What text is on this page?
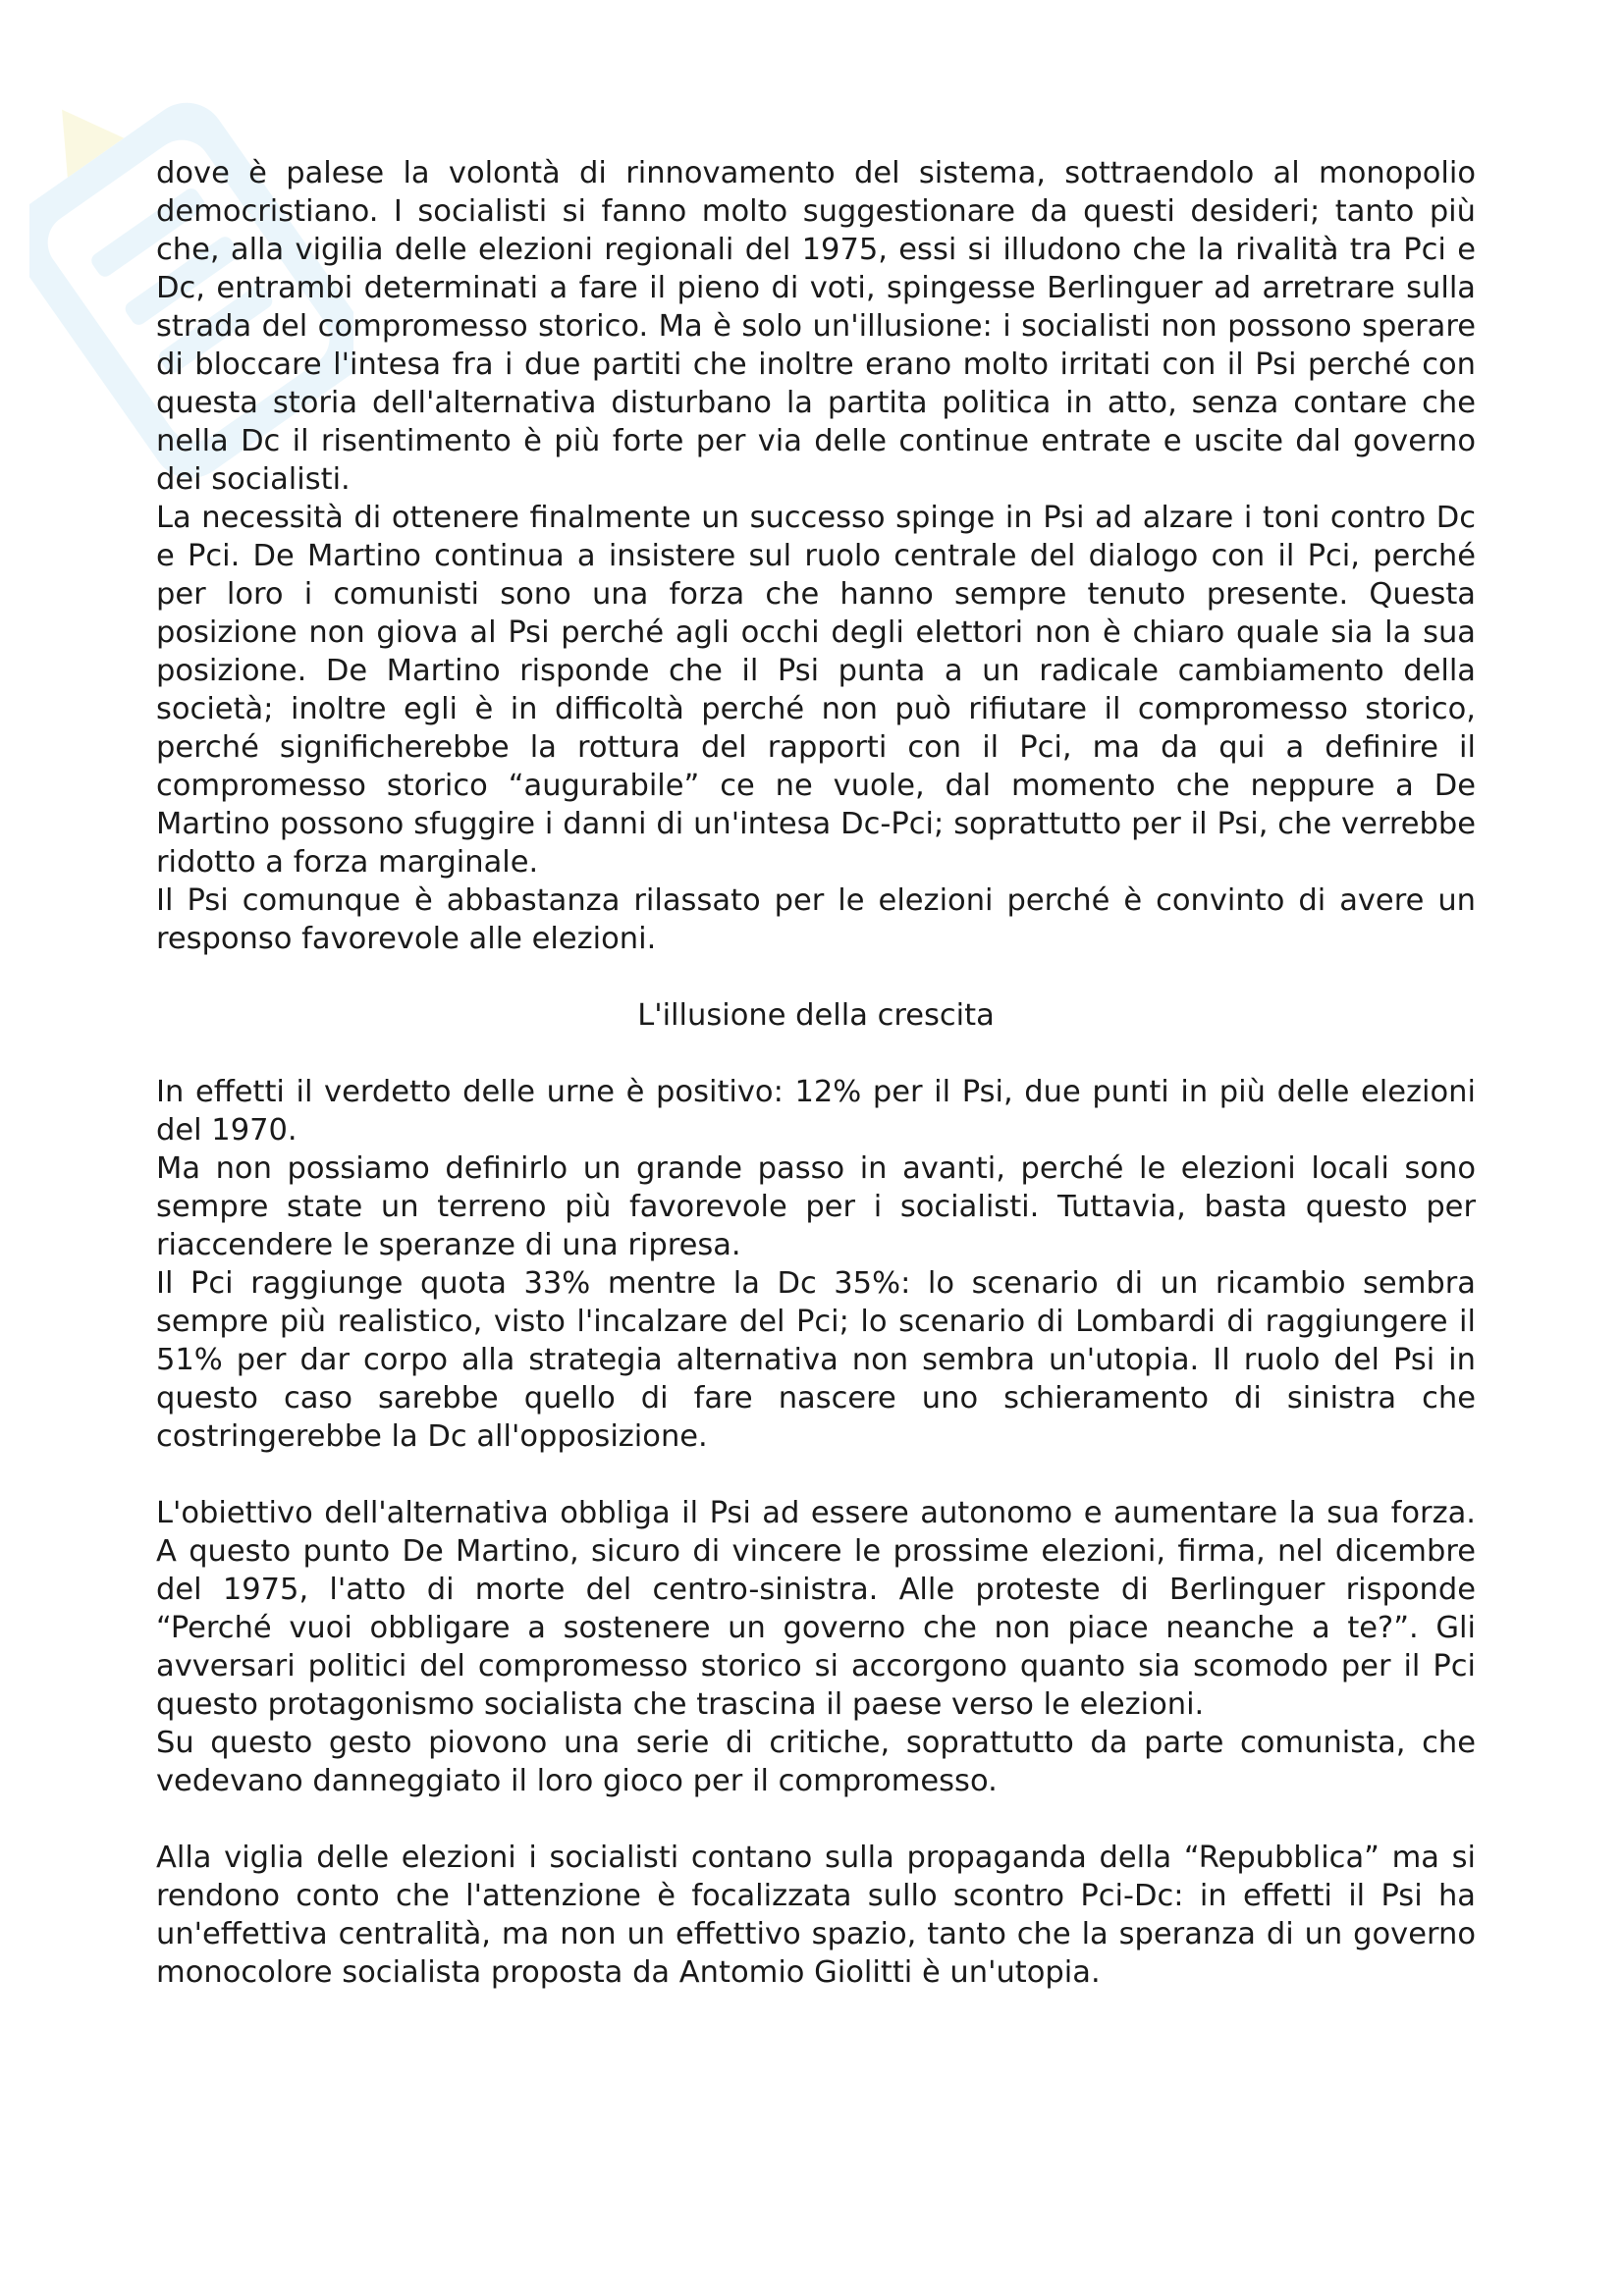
dove è palese la volontà di rinnovamento del sistema, sottraendolo al monopolio democristiano. I socialisti si fanno molto suggestionare da questi desideri; tanto più che, alla vigilia delle elezioni regionali del 1975, essi si illudono che la rivalità tra Pci e Dc, entrambi determinati a fare il pieno di voti, spingesse Berlinguer ad arretrare sulla strada del compromesso storico. Ma è solo un'illusione: i socialisti non possono sperare di bloccare l'intesa fra i due partiti che inoltre erano molto irritati con il Psi perché con questa storia dell'alternativa disturbano la partita politica in atto, senza contare che nella Dc il risentimento è più forte per via delle continue entrate e uscite dal governo dei socialisti.

La necessità di ottenere finalmente un successo spinge in Psi ad alzare i toni contro Dc e Pci. De Martino continua a insistere sul ruolo centrale del dialogo con il Pci, perché per loro i comunisti sono una forza che hanno sempre tenuto presente. Questa posizione non giova al Psi perché agli occhi degli elettori non è chiaro quale sia la sua posizione. De Martino risponde che il Psi punta a un radicale cambiamento della società; inoltre egli è in difficoltà perché non può rifiutare il compromesso storico, perché significherebbe la rottura del rapporti con il Pci, ma da qui a definire il compromesso storico “augurabile” ce ne vuole, dal momento che neppure a De Martino possono sfuggire i danni di un'intesa Dc-Pci; soprattutto per il Psi, che verrebbe ridotto a forza marginale.

Il Psi comunque è abbastanza rilassato per le elezioni perché è convinto di avere un responso favorevole alle elezioni.

L'illusione della crescita

In effetti il verdetto delle urne è positivo: 12% per il Psi, due punti in più delle elezioni del 1970.

Ma non possiamo definirlo un grande passo in avanti, perché le elezioni locali sono sempre state un terreno più favorevole per i socialisti. Tuttavia, basta questo per riaccendere le speranze di una ripresa.

Il Pci raggiunge quota 33% mentre la Dc 35%: lo scenario di un ricambio sembra sempre più realistico, visto l'incalzare del Pci; lo scenario di Lombardi di raggiungere il 51% per dar corpo alla strategia alternativa non sembra un'utopia. Il ruolo del Psi in questo caso sarebbe quello di fare nascere uno schieramento di sinistra che costringerebbe la Dc all'opposizione.

L'obiettivo dell'alternativa obbliga il Psi ad essere autonomo e aumentare la sua forza. A questo punto De Martino, sicuro di vincere le prossime elezioni, firma, nel dicembre del 1975, l'atto di morte del centro-sinistra. Alle proteste di Berlinguer risponde “Perché vuoi obbligare a sostenere un governo che non piace neanche a te?”. Gli avversari politici del compromesso storico si accorgono quanto sia scomodo per il Pci questo protagonismo socialista che trascina il paese verso le elezioni.

Su questo gesto piovono una serie di critiche, soprattutto da parte comunista, che vedevano danneggiato il loro gioco per il compromesso.

Alla viglia delle elezioni i socialisti contano sulla propaganda della “Repubblica” ma si rendono conto che l'attenzione è focalizzata sullo scontro Pci-Dc: in effetti il Psi ha un'effettiva centralità, ma non un effettivo spazio, tanto che la speranza di un governo monocolore socialista proposta da Antomio Giolitti è un'utopia.
